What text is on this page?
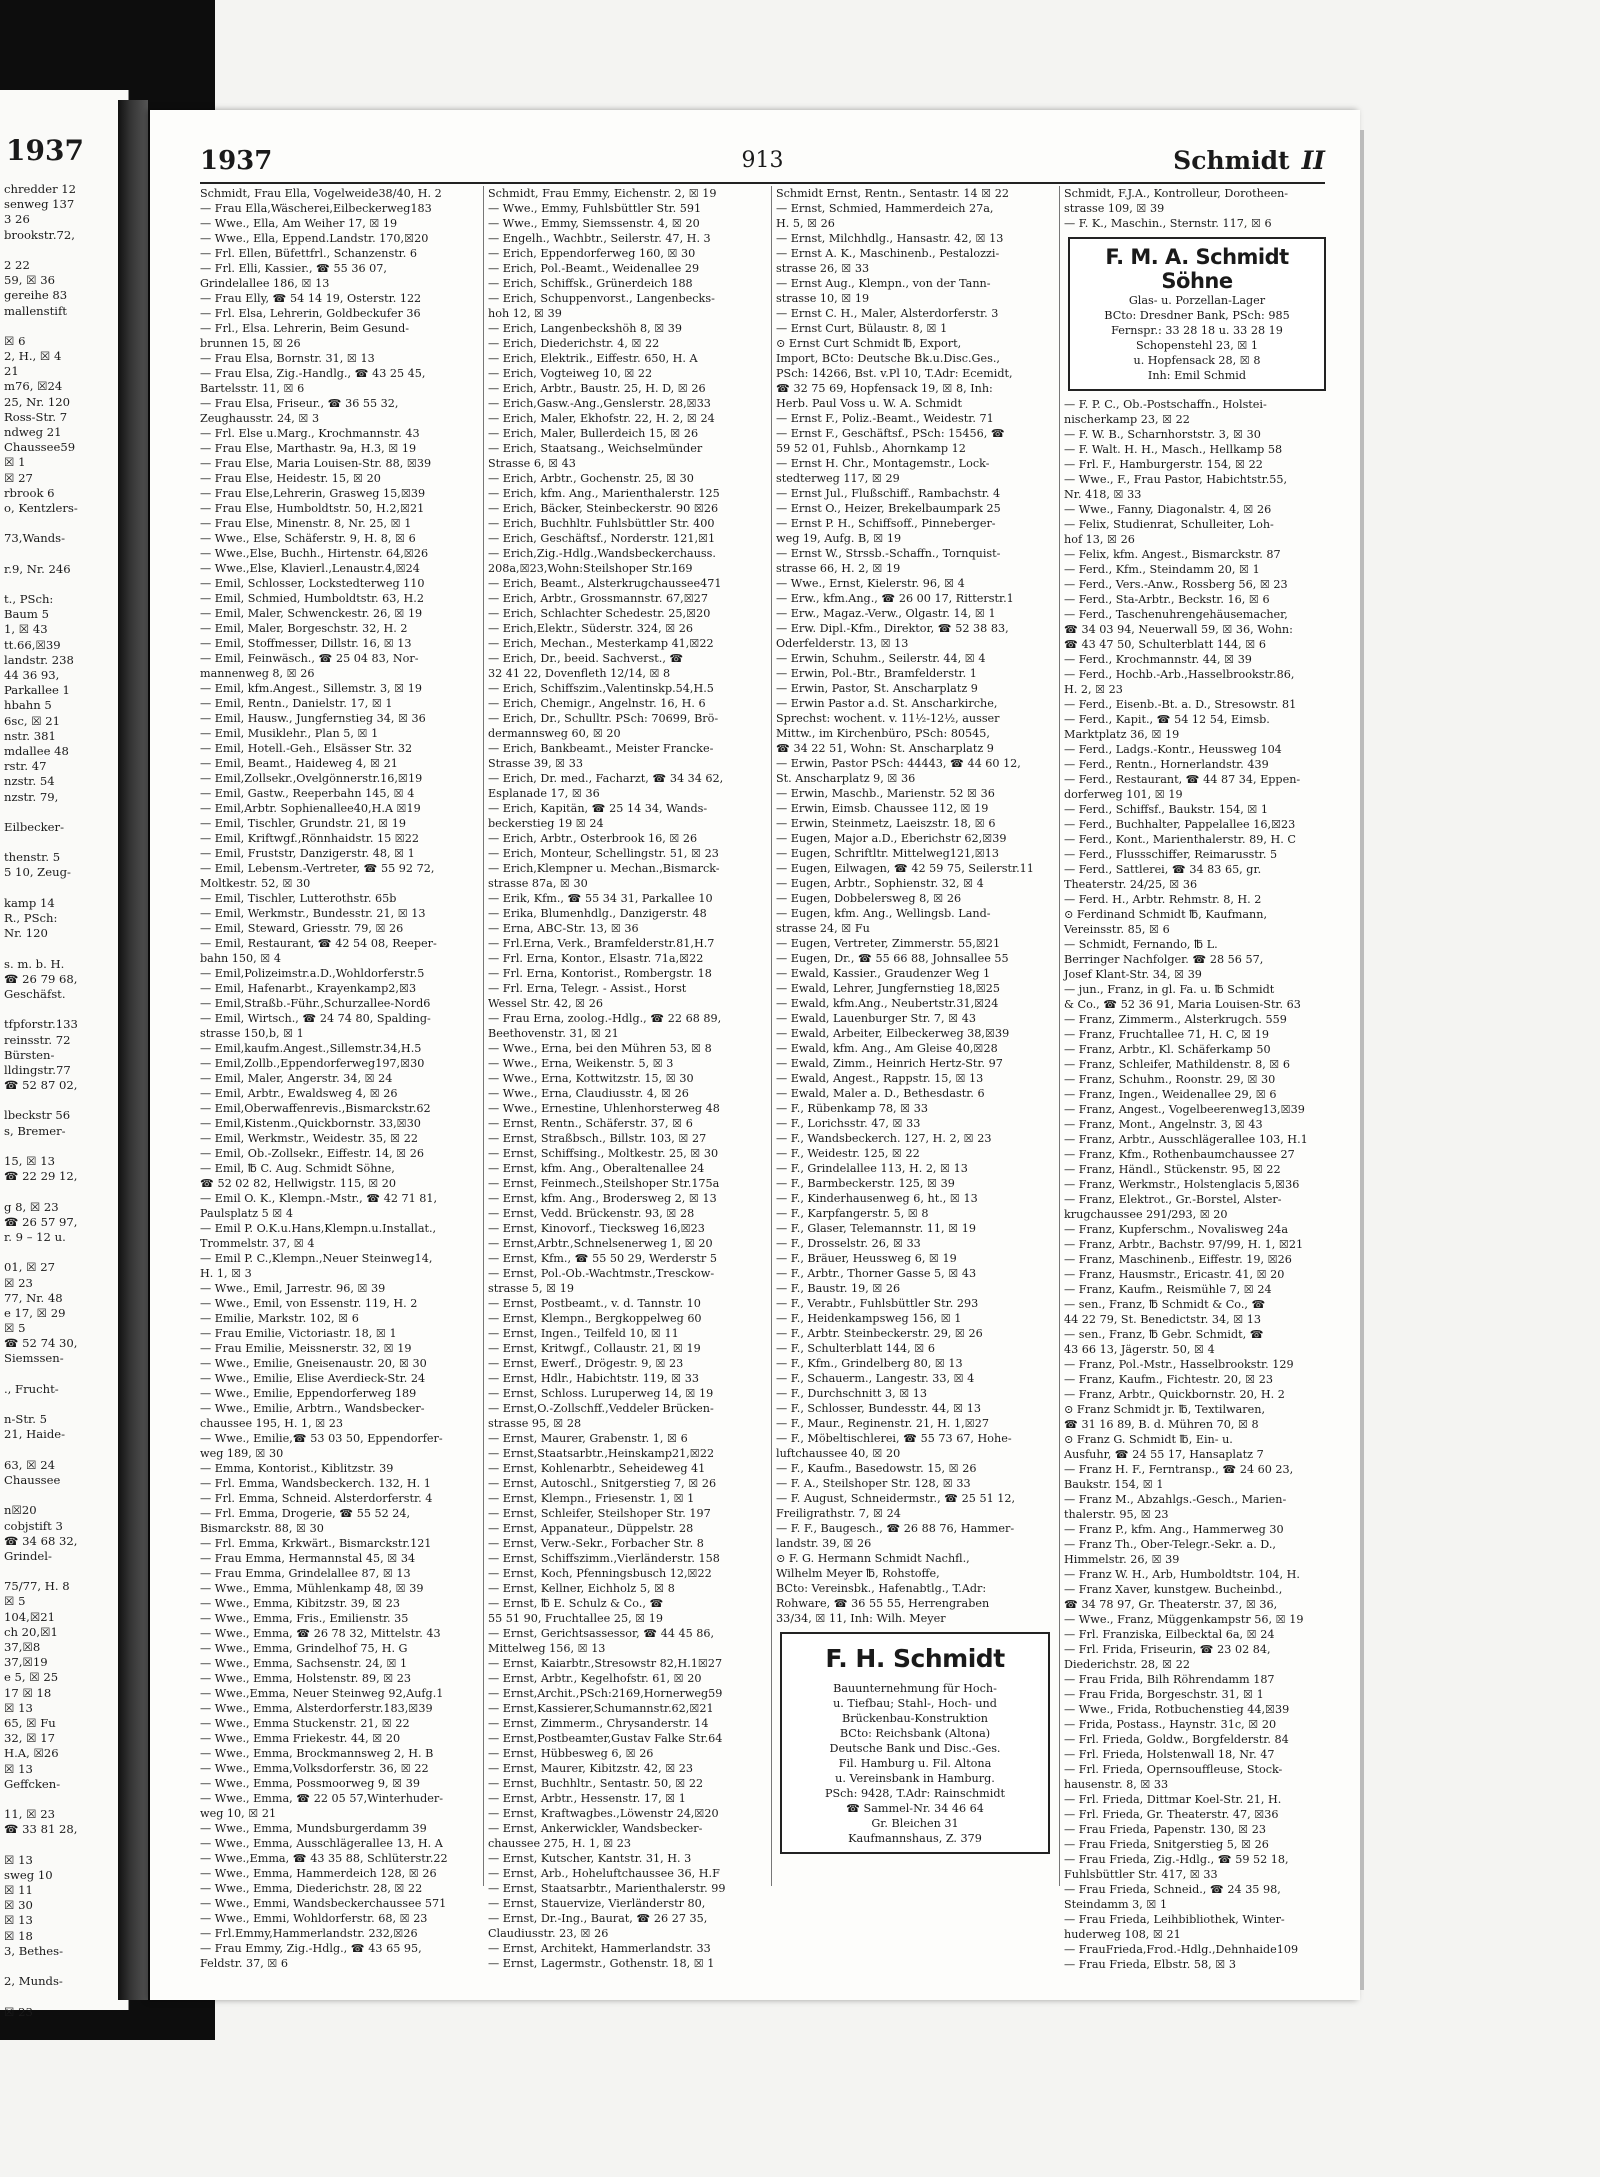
1937
chredder 12
senweg 137
3 26
brookstr.72,
2 22
59, ☒ 36
gereihe 83
mallenstift
☒ 6
2, H., ☒ 4
21
m76, ☒24
25, Nr. 120
Ross-Str. 7
ndweg 21
Chaussee59
☒ 1
☒ 27
rbrook 6
o, Kentzlers-
73,Wands-
r.9, Nr. 246
t., PSch:
Baum 5
1, ☒ 43
tt.66,☒39
landstr. 238
44 36 93,
Parkallee 1
hbahn 5
6sc, ☒ 21
nstr. 381
mdallee 48
rstr. 47
nzstr. 54
nzstr. 79,
Eilbecker-
thenstr. 5
5 10, Zeug-
kamp 14
R., PSch:
Nr. 120
s. m. b. H.
☎ 26 79 68,
Geschäfst.
tfpforstr.133
reinsstr. 72
Bürsten-
lldingstr.77
☎ 52 87 02,
lbeckstr 56
s, Bremer-
15, ☒ 13
☎ 22 29 12,
g 8, ☒ 23
☎ 26 57 97,
r. 9 – 12 u.
01, ☒ 27
☒ 23
77, Nr. 48
e 17, ☒ 29
☒ 5
☎ 52 74 30,
Siemssen-
., Frucht-
n-Str. 5
21, Haide-
63, ☒ 24
Chaussee
n☒20
cobjstift 3
☎ 34 68 32,
Grindel-
75/77, H. 8
☒ 5
104,☒21
ch 20,☒1
37,☒8
37,☒19
e 5, ☒ 25
17 ☒ 18
☒ 13
65, ☒ Fu
32, ☒ 17
H.A, ☒26
☒ 13
Geffcken-
11, ☒ 23
☎ 33 81 28,
☒ 13
sweg 10
☒ 11
☒ 30
☒ 13
☒ 18
3, Bethes-
2, Munds-
☒ 23
1937	913	Schmidt II
Schmidt, Frau Ella, Vogelweide38/40, H. 2
— Frau Ella,Wäscherei,Eilbeckerweg183
— Wwe., Ella, Am Weiher 17, ☒ 19
— Wwe., Ella, Eppend.Landstr. 170,☒20
— Frl. Ellen, Büfettfrl., Schanzenstr. 6
— Frl. Elli, Kassier., ☎ 55 36 07,
Grindelallee 186, ☒ 13
— Frau Elly, ☎ 54 14 19, Osterstr. 122
— Frl. Elsa, Lehrerin, Goldbeckufer 36
— Frl., Elsa. Lehrerin, Beim Gesund-
brunnen 15, ☒ 26
— Frau Elsa, Bornstr. 31, ☒ 13
— Frau Elsa, Zig.-Handlg., ☎ 43 25 45,
Bartelsstr. 11, ☒ 6
— Frau Elsa, Friseur., ☎ 36 55 32,
Zeughausstr. 24, ☒ 3
— Frl. Else u.Marg., Krochmannstr. 43
— Frau Else, Marthastr. 9a, H.3, ☒ 19
— Frau Else, Maria Louisen-Str. 88, ☒39
— Frau Else, Heidestr. 15, ☒ 20
— Frau Else,Lehrerin, Grasweg 15,☒39
— Frau Else, Humboldtstr. 50, H.2,☒21
— Frau Else, Minenstr. 8, Nr. 25, ☒ 1
— Wwe., Else, Schäferstr. 9, H. 8, ☒ 6
— Wwe.,Else, Buchh., Hirtenstr. 64,☒26
— Wwe.,Else, Klavierl.,Lenaustr.4,☒24
— Emil, Schlosser, Lockstedterweg 110
— Emil, Schmied, Humboldtstr. 63, H.2
— Emil, Maler, Schwenckestr. 26, ☒ 19
— Emil, Maler, Borgeschstr. 32, H. 2
— Emil, Stoffmesser, Dillstr. 16, ☒ 13
— Emil, Feinwäsch., ☎ 25 04 83, Nor-
mannenweg 8, ☒ 26
— Emil, kfm.Angest., Sillemstr. 3, ☒ 19
— Emil, Rentn., Danielstr. 17, ☒ 1
— Emil, Hausw., Jungfernstieg 34, ☒ 36
— Emil, Musiklehr., Plan 5, ☒ 1
— Emil, Hotell.-Geh., Elsässer Str. 32
— Emil, Beamt., Haideweg 4, ☒ 21
— Emil,Zollsekr.,Ovelgönnerstr.16,☒19
— Emil, Gastw., Reeperbahn 145, ☒ 4
— Emil,Arbtr. Sophienallee40,H.A ☒19
— Emil, Tischler, Grundstr. 21, ☒ 19
— Emil, Kriftwgf.,Rönnhaidstr. 15 ☒22
— Emil, Fruststr, Danzigerstr. 48, ☒ 1
— Emil, Lebensm.-Vertreter, ☎ 55 92 72,
Moltkestr. 52, ☒ 30
— Emil, Tischler, Lutterothstr. 65b
— Emil, Werkmstr., Bundesstr. 21, ☒ 13
— Emil, Steward, Griesstr. 79, ☒ 26
— Emil, Restaurant, ☎ 42 54 08, Reeper-
bahn 150, ☒ 4
— Emil,Polizeimstr.a.D.,Wohldorferstr.5
— Emil, Hafenarbt., Krayenkamp2,☒3
— Emil,Straßb.-Führ.,Schurzallee-Nord6
— Emil, Wirtsch., ☎ 24 74 80, Spalding-
strasse 150,b, ☒ 1
— Emil,kaufm.Angest.,Sillemstr.34,H.5
— Emil,Zollb.,Eppendorferweg197,☒30
— Emil, Maler, Angerstr. 34, ☒ 24
— Emil, Arbtr., Ewaldsweg 4, ☒ 26
— Emil,Oberwaffenrevis.,Bismarckstr.62
— Emil,Kistenm.,Quickbornstr. 33,☒30
— Emil, Werkmstr., Weidestr. 35, ☒ 22
— Emil, Ob.-Zollsekr., Eiffestr. 14, ☒ 26
— Emil, ℔ C. Aug. Schmidt Söhne,
☎ 52 02 82, Hellwigstr. 115, ☒ 20
— Emil O. K., Klempn.-Mstr., ☎ 42 71 81,
Paulsplatz 5 ☒ 4
— Emil P. O.K.u.Hans,Klempn.u.Installat.,
Trommelstr. 37, ☒ 4
— Emil P. C.,Klempn.,Neuer Steinweg14,
H. 1, ☒ 3
— Wwe., Emil, Jarrestr. 96, ☒ 39
— Wwe., Emil, von Essenstr. 119, H. 2
— Emilie, Markstr. 102, ☒ 6
— Frau Emilie, Victoriastr. 18, ☒ 1
— Frau Emilie, Meissnerstr. 32, ☒ 19
— Wwe., Emilie, Gneisenaustr. 20, ☒ 30
— Wwe., Emilie, Elise Averdieck-Str. 24
— Wwe., Emilie, Eppendorferweg 189
— Wwe., Emilie, Arbtrn., Wandsbecker-
chaussee 195, H. 1, ☒ 23
— Wwe., Emilie,☎ 53 03 50, Eppendorfer-
weg 189, ☒ 30
— Emma, Kontorist., Kiblitzstr. 39
— Frl. Emma, Wandsbeckerch. 132, H. 1
— Frl. Emma, Schneid. Alsterdorferstr. 4
— Frl. Emma, Drogerie, ☎ 55 52 24,
Bismarckstr. 88, ☒ 30
— Frl. Emma, Krkwärt., Bismarckstr.121
— Frau Emma, Hermannstal 45, ☒ 34
— Frau Emma, Grindelallee 87, ☒ 13
— Wwe., Emma, Mühlenkamp 48, ☒ 39
— Wwe., Emma, Kibitzstr. 39, ☒ 23
— Wwe., Emma, Fris., Emilienstr. 35
— Wwe., Emma, ☎ 26 78 32, Mittelstr. 43
— Wwe., Emma, Grindelhof 75, H. G
— Wwe., Emma, Sachsenstr. 24, ☒ 1
— Wwe., Emma, Holstenstr. 89, ☒ 23
— Wwe.,Emma, Neuer Steinweg 92,Aufg.1
— Wwe., Emma, Alsterdorferstr.183,☒39
— Wwe., Emma Stuckenstr. 21, ☒ 22
— Wwe., Emma Friekestr. 44, ☒ 20
— Wwe., Emma, Brockmannsweg 2, H. B
— Wwe., Emma,Volksdorferstr. 36, ☒ 22
— Wwe., Emma, Possmoorweg 9, ☒ 39
— Wwe., Emma, ☎ 22 05 57,Winterhuder-
weg 10, ☒ 21
— Wwe., Emma, Mundsburgerdamm 39
— Wwe., Emma, Ausschlägerallee 13, H. A
— Wwe.,Emma, ☎ 43 35 88, Schlüterstr.22
— Wwe., Emma, Hammerdeich 128, ☒ 26
— Wwe., Emma, Diederichstr. 28, ☒ 22
— Wwe., Emmi, Wandsbeckerchaussee 571
— Wwe., Emmi, Wohldorferstr. 68, ☒ 23
— Frl.Emmy,Hammerlandstr. 232,☒26
— Frau Emmy, Zig.-Hdlg., ☎ 43 65 95,
Feldstr. 37, ☒ 6
Schmidt, Frau Emmy, Eichenstr. 2, ☒ 19
— Wwe., Emmy, Fuhlsbüttler Str. 591
— Wwe., Emmy, Siemssenstr. 4, ☒ 20
— Engelh., Wachbtr., Seilerstr. 47, H. 3
— Erich, Eppendorferweg 160, ☒ 30
— Erich, Pol.-Beamt., Weidenallee 29
— Erich, Schiffsk., Grünerdeich 188
— Erich, Schuppenvorst., Langenbecks-
hoh 12, ☒ 39
— Erich, Langenbeckshöh 8, ☒ 39
— Erich, Diederichstr. 4, ☒ 22
— Erich, Elektrik., Eiffestr. 650, H. A
— Erich, Vogteiweg 10, ☒ 22
— Erich, Arbtr., Baustr. 25, H. D, ☒ 26
— Erich,Gasw.-Ang.,Genslerstr. 28,☒33
— Erich, Maler, Ekhofstr. 22, H. 2, ☒ 24
— Erich, Maler, Bullerdeich 15, ☒ 26
— Erich, Staatsang., Weichselmünder
Strasse 6, ☒ 43
— Erich, Arbtr., Gochenstr. 25, ☒ 30
— Erich, kfm. Ang., Marienthalerstr. 125
— Erich, Bäcker, Steinbeckerstr. 90 ☒26
— Erich, Buchhltr. Fuhlsbüttler Str. 400
— Erich, Geschäftsf., Norderstr. 121,☒1
— Erich,Zig.-Hdlg.,Wandsbeckerchauss.
208a,☒23,Wohn:Steilshoper Str.169
— Erich, Beamt., Alsterkrugchaussee471
— Erich, Arbtr., Grossmannstr. 67,☒27
— Erich, Schlachter Schedestr. 25,☒20
— Erich,Elektr., Süderstr. 324, ☒ 26
— Erich, Mechan., Mesterkamp 41,☒22
— Erich, Dr., beeid. Sachverst., ☎
32 41 22, Dovenfleth 12/14, ☒ 8
— Erich, Schiffszim.,Valentinskp.54,H.5
— Erich, Chemigr., Angelnstr. 16, H. 6
— Erich, Dr., Schulltr. PSch: 70699, Brö-
dermannsweg 60, ☒ 20
— Erich, Bankbeamt., Meister Francke-
Strasse 39, ☒ 33
— Erich, Dr. med., Facharzt, ☎ 34 34 62,
Esplanade 17, ☒ 36
— Erich, Kapitän, ☎ 25 14 34, Wands-
beckerstieg 19 ☒ 24
— Erich, Arbtr., Osterbrook 16, ☒ 26
— Erich, Monteur, Schellingstr. 51, ☒ 23
— Erich,Klempner u. Mechan.,Bismarck-
strasse 87a, ☒ 30
— Erik, Kfm., ☎ 55 34 31, Parkallee 10
— Erika, Blumenhdlg., Danzigerstr. 48
— Erna, ABC-Str. 13, ☒ 36
— Frl.Erna, Verk., Bramfelderstr.81,H.7
— Frl. Erna, Kontor., Elsastr. 71a,☒22
— Frl. Erna, Kontorist., Rombergstr. 18
— Frl. Erna, Telegr. - Assist., Horst
Wessel Str. 42, ☒ 26
— Frau Erna, zoolog.-Hdlg., ☎ 22 68 89,
Beethovenstr. 31, ☒ 21
— Wwe., Erna, bei den Mühren 53, ☒ 8
— Wwe., Erna, Weikenstr. 5, ☒ 3
— Wwe., Erna, Kottwitzstr. 15, ☒ 30
— Wwe., Erna, Claudiusstr. 4, ☒ 26
— Wwe., Ernestine, Uhlenhorsterweg 48
— Ernst, Rentn., Schäferstr. 37, ☒ 6
— Ernst, Straßbsch., Billstr. 103, ☒ 27
— Ernst, Schiffsing., Moltkestr. 25, ☒ 30
— Ernst, kfm. Ang., Oberaltenallee 24
— Ernst, Feinmech.,Steilshoper Str.175a
— Ernst, kfm. Ang., Brodersweg 2, ☒ 13
— Ernst, Vedd. Brückenstr. 93, ☒ 28
— Ernst, Kinovorf., Tiecksweg 16,☒23
— Ernst,Arbtr.,Schnelsenerweg 1, ☒ 20
— Ernst, Kfm., ☎ 55 50 29, Werderstr 5
— Ernst, Pol.-Ob.-Wachtmstr.,Tresckow-
strasse 5, ☒ 19
— Ernst, Postbeamt., v. d. Tannstr. 10
— Ernst, Klempn., Bergkoppelweg 60
— Ernst, Ingen., Teilfeld 10, ☒ 11
— Ernst, Kritwgf., Collaustr. 21, ☒ 19
— Ernst, Ewerf., Drögestr. 9, ☒ 23
— Ernst, Hdlr., Habichtstr. 119, ☒ 33
— Ernst, Schloss. Luruperweg 14, ☒ 19
— Ernst,O.-Zollschff.,Veddeler Brücken-
strasse 95, ☒ 28
— Ernst, Maurer, Grabenstr. 1, ☒ 6
— Ernst,Staatsarbtr.,Heinskamp21,☒22
— Ernst, Kohlenarbtr., Seheideweg 41
— Ernst, Autoschl., Snitgerstieg 7, ☒ 26
— Ernst, Klempn., Friesenstr. 1, ☒ 1
— Ernst, Schleifer, Steilshoper Str. 197
— Ernst, Appanateur., Düppelstr. 28
— Ernst, Verw.-Sekr., Forbacher Str. 8
— Ernst, Schiffszimm.,Vierländerstr. 158
— Ernst, Koch, Pfenningsbusch 12,☒22
— Ernst, Kellner, Eichholz 5, ☒ 8
— Ernst, ℔ E. Schulz & Co., ☎
55 51 90, Fruchtallee 25, ☒ 19
— Ernst, Gerichtsassessor, ☎ 44 45 86,
Mittelweg 156, ☒ 13
— Ernst, Kaiarbtr.,Stresowstr 82,H.1☒27
— Ernst, Arbtr., Kegelhofstr. 61, ☒ 20
— Ernst,Archit.,PSch:2169,Hornerweg59
— Ernst,Kassierer,Schumannstr.62,☒21
— Ernst, Zimmerm., Chrysanderstr. 14
— Ernst,Postbeamter,Gustav Falke Str.64
— Ernst, Hübbesweg 6, ☒ 26
— Ernst, Maurer, Kibitzstr. 42, ☒ 23
— Ernst, Buchhltr., Sentastr. 50, ☒ 22
— Ernst, Arbtr., Hessenstr. 17, ☒ 1
— Ernst, Kraftwagbes.,Löwenstr 24,☒20
— Ernst, Ankerwickler, Wandsbecker-
chaussee 275, H. 1, ☒ 23
— Ernst, Kutscher, Kantstr. 31, H. 3
— Ernst, Arb., Hoheluftchaussee 36, H.F
— Ernst, Staatsarbtr., Marienthalerstr. 99
— Ernst, Stauervize, Vierländerstr 80,
— Ernst, Dr.-Ing., Baurat, ☎ 26 27 35,
Claudiusstr. 23, ☒ 26
— Ernst, Architekt, Hammerlandstr. 33
— Ernst, Lagermstr., Gothenstr. 18, ☒ 1
Schmidt Ernst, Rentn., Sentastr. 14 ☒ 22
— Ernst, Schmied, Hammerdeich 27a,
H. 5, ☒ 26
— Ernst, Milchhdlg., Hansastr. 42, ☒ 13
— Ernst A. K., Maschinenb., Pestalozzi-
strasse 26, ☒ 33
— Ernst Aug., Klempn., von der Tann-
strasse 10, ☒ 19
— Ernst C. H., Maler, Alsterdorferstr. 3
— Ernst Curt, Bülaustr. 8, ☒ 1
⊙ Ernst Curt Schmidt ℔, Export,
Import, BCto: Deutsche Bk.u.Disc.Ges.,
PSch: 14266, Bst. v.Pl 10, T.Adr: Ecemidt,
☎ 32 75 69, Hopfensack 19, ☒ 8, Inh:
Herb. Paul Voss u. W. A. Schmidt
— Ernst F., Poliz.-Beamt., Weidestr. 71
— Ernst F., Geschäftsf., PSch: 15456, ☎
59 52 01, Fuhlsb., Ahornkamp 12
— Ernst H. Chr., Montagemstr., Lock-
stedterweg 117, ☒ 29
— Ernst Jul., Flußschiff., Rambachstr. 4
— Ernst O., Heizer, Brekelbaumpark 25
— Ernst P. H., Schiffsoff., Pinneberger-
weg 19, Aufg. B, ☒ 19
— Ernst W., Strssb.-Schaffn., Tornquist-
strasse 66, H. 2, ☒ 19
— Wwe., Ernst, Kielerstr. 96, ☒ 4
— Erw., kfm.Ang., ☎ 26 00 17, Ritterstr.1
— Erw., Magaz.-Verw., Olgastr. 14, ☒ 1
— Erw. Dipl.-Kfm., Direktor, ☎ 52 38 83,
Oderfelderstr. 13, ☒ 13
— Erwin, Schuhm., Seilerstr. 44, ☒ 4
— Erwin, Pol.-Btr., Bramfelderstr. 1
— Erwin, Pastor, St. Anscharplatz 9
— Erwin Pastor a.d. St. Anscharkirche,
Sprechst: wochent. v. 11½-12½, ausser
Mittw., im Kirchenbüro, PSch: 80545,
☎ 34 22 51, Wohn: St. Anscharplatz 9
— Erwin, Pastor PSch: 44443, ☎ 44 60 12,
St. Anscharplatz 9, ☒ 36
— Erwin, Maschb., Marienstr. 52 ☒ 36
— Erwin, Eimsb. Chaussee 112, ☒ 19
— Erwin, Steinmetz, Laeiszstr. 18, ☒ 6
— Eugen, Major a.D., Eberichstr 62,☒39
— Eugen, Schriftltr. Mittelweg121,☒13
— Eugen, Eilwagen, ☎ 42 59 75, Seilerstr.11
— Eugen, Arbtr., Sophienstr. 32, ☒ 4
— Eugen, Dobbelersweg 8, ☒ 26
— Eugen, kfm. Ang., Wellingsb. Land-
strasse 24, ☒ Fu
— Eugen, Vertreter, Zimmerstr. 55,☒21
— Eugen, Dr., ☎ 55 66 88, Johnsallee 55
— Ewald, Kassier., Graudenzer Weg 1
— Ewald, Lehrer, Jungfernstieg 18,☒25
— Ewald, kfm.Ang., Neubertstr.31,☒24
— Ewald, Lauenburger Str. 7, ☒ 43
— Ewald, Arbeiter, Eilbeckerweg 38,☒39
— Ewald, kfm. Ang., Am Gleise 40,☒28
— Ewald, Zimm., Heinrich Hertz-Str. 97
— Ewald, Angest., Rappstr. 15, ☒ 13
— Ewald, Maler a. D., Bethesdastr. 6
— F., Rübenkamp 78, ☒ 33
— F., Lorichsstr. 47, ☒ 33
— F., Wandsbeckerch. 127, H. 2, ☒ 23
— F., Weidestr. 125, ☒ 22
— F., Grindelallee 113, H. 2, ☒ 13
— F., Barmbeckerstr. 125, ☒ 39
— F., Kinderhausenweg 6, ht., ☒ 13
— F., Karpfangerstr. 5, ☒ 8
— F., Glaser, Telemannstr. 11, ☒ 19
— F., Drosselstr. 26, ☒ 33
— F., Bräuer, Heussweg 6, ☒ 19
— F., Arbtr., Thorner Gasse 5, ☒ 43
— F., Baustr. 19, ☒ 26
— F., Verabtr., Fuhlsbüttler Str. 293
— F., Heidenkampsweg 156, ☒ 1
— F., Arbtr. Steinbeckerstr. 29, ☒ 26
— F., Schulterblatt 144, ☒ 6
— F., Kfm., Grindelberg 80, ☒ 13
— F., Schauerm., Langestr. 33, ☒ 4
— F., Durchschnitt 3, ☒ 13
— F., Schlosser, Bundesstr. 44, ☒ 13
— F., Maur., Reginenstr. 21, H. 1,☒27
— F., Möbeltischlerei, ☎ 55 73 67, Hohe-
luftchaussee 40, ☒ 20
— F., Kaufm., Basedowstr. 15, ☒ 26
— F. A., Steilshoper Str. 128, ☒ 33
— F. August, Schneidermstr., ☎ 25 51 12,
Freiligrathstr. 7, ☒ 24
— F. F., Baugesch., ☎ 26 88 76, Hammer-
landstr. 39, ☒ 26
⊙ F. G. Hermann Schmidt Nachfl.,
Wilhelm Meyer ℔, Rohstoffe,
BCto: Vereinsbk., Hafenabtlg., T.Adr:
Rohware, ☎ 36 55 55, Herrengraben
33/34, ☒ 11, Inh: Wilh. Meyer
F. H. Schmidt
Bauunternehmung für Hoch-
u. Tiefbau; Stahl-, Hoch- und
Brückenbau-Konstruktion
BCto: Reichsbank (Altona)
Deutsche Bank und Disc.-Ges.
Fil. Hamburg u. Fil. Altona
u. Vereinsbank in Hamburg.
PSch: 9428, T.Adr: Rainschmidt
☎ Sammel-Nr. 34 46 64
Gr. Bleichen 31
Kaufmannshaus, Z. 379
Schmidt, F.J.A., Kontrolleur, Dorotheen-
strasse 109, ☒ 39
— F. K., Maschin., Sternstr. 117, ☒ 6
F. M. A. Schmidt Söhne
Glas- u. Porzellan-Lager
BCto: Dresdner Bank, PSch: 985
Fernspr.: 33 28 18 u. 33 28 19
Schopenstehl 23, ☒ 1
u. Hopfensack 28, ☒ 8
Inh: Emil Schmid
— F. P. C., Ob.-Postschaffn., Holstei-
nischerkamp 23, ☒ 22
— F. W. B., Scharnhorststr. 3, ☒ 30
— F. Walt. H. H., Masch., Hellkamp 58
— Frl. F., Hamburgerstr. 154, ☒ 22
— Wwe., F., Frau Pastor, Habichtstr.55,
Nr. 418, ☒ 33
— Wwe., Fanny, Diagonalstr. 4, ☒ 26
— Felix, Studienrat, Schulleiter, Loh-
hof 13, ☒ 26
— Felix, kfm. Angest., Bismarckstr. 87
— Ferd., Kfm., Steindamm 20, ☒ 1
— Ferd., Vers.-Anw., Rossberg 56, ☒ 23
— Ferd., Sta-Arbtr., Beckstr. 16, ☒ 6
— Ferd., Taschenuhrengehäusemacher,
☎ 34 03 94, Neuerwall 59, ☒ 36, Wohn:
☎ 43 47 50, Schulterblatt 144, ☒ 6
— Ferd., Krochmannstr. 44, ☒ 39
— Ferd., Hochb.-Arb.,Hasselbrookstr.86,
H. 2, ☒ 23
— Ferd., Eisenb.-Bt. a. D., Stresowstr. 81
— Ferd., Kapit., ☎ 54 12 54, Eimsb.
Marktplatz 36, ☒ 19
— Ferd., Ladgs.-Kontr., Heussweg 104
— Ferd., Rentn., Hornerlandstr. 439
— Ferd., Restaurant, ☎ 44 87 34, Eppen-
dorferweg 101, ☒ 19
— Ferd., Schiffsf., Baukstr. 154, ☒ 1
— Ferd., Buchhalter, Pappelallee 16,☒23
— Ferd., Kont., Marienthalerstr. 89, H. C
— Ferd., Flussschiffer, Reimarusstr. 5
— Ferd., Sattlerei, ☎ 34 83 65, gr.
Theaterstr. 24/25, ☒ 36
— Ferd. H., Arbtr. Rehmstr. 8, H. 2
⊙ Ferdinand Schmidt ℔, Kaufmann,
Vereinsstr. 85, ☒ 6
— Schmidt, Fernando, ℔ L.
Berringer Nachfolger. ☎ 28 56 57,
Josef Klant-Str. 34, ☒ 39
— jun., Franz, in gl. Fa. u. ℔ Schmidt
& Co., ☎ 52 36 91, Maria Louisen-Str. 63
— Franz, Zimmerm., Alsterkrugch. 559
— Franz, Fruchtallee 71, H. C, ☒ 19
— Franz, Arbtr., Kl. Schäferkamp 50
— Franz, Schleifer, Mathildenstr. 8, ☒ 6
— Franz, Schuhm., Roonstr. 29, ☒ 30
— Franz, Ingen., Weidenallee 29, ☒ 6
— Franz, Angest., Vogelbeerenweg13,☒39
— Franz, Mont., Angelnstr. 3, ☒ 43
— Franz, Arbtr., Ausschlägerallee 103, H.1
— Franz, Kfm., Rothenbaumchaussee 27
— Franz, Händl., Stückenstr. 95, ☒ 22
— Franz, Werkmstr., Holstenglacis 5,☒36
— Franz, Elektrot., Gr.-Borstel, Alster-
krugchaussee 291/293, ☒ 20
— Franz, Kupferschm., Novalisweg 24a
— Franz, Arbtr., Bachstr. 97/99, H. 1, ☒21
— Franz, Maschinenb., Eiffestr. 19, ☒26
— Franz, Hausmstr., Ericastr. 41, ☒ 20
— Franz, Kaufm., Reismühle 7, ☒ 24
— sen., Franz, ℔ Schmidt & Co., ☎
44 22 79, St. Benedictstr. 34, ☒ 13
— sen., Franz, ℔ Gebr. Schmidt, ☎
43 66 13, Jägerstr. 50, ☒ 4
— Franz, Pol.-Mstr., Hasselbrookstr. 129
— Franz, Kaufm., Fichtestr. 20, ☒ 23
— Franz, Arbtr., Quickbornstr. 20, H. 2
⊙ Franz Schmidt jr. ℔, Textilwaren,
☎ 31 16 89, B. d. Mühren 70, ☒ 8
⊙ Franz G. Schmidt ℔, Ein- u.
Ausfuhr, ☎ 24 55 17, Hansaplatz 7
— Franz H. F., Ferntransp., ☎ 24 60 23,
Baukstr. 154, ☒ 1
— Franz M., Abzahlgs.-Gesch., Marien-
thalerstr. 95, ☒ 23
— Franz P., kfm. Ang., Hammerweg 30
— Franz Th., Ober-Telegr.-Sekr. a. D.,
Himmelstr. 26, ☒ 39
— Franz W. H., Arb, Humboldtstr. 104, H.
— Franz Xaver, kunstgew. Bucheinbd.,
☎ 34 78 97, Gr. Theaterstr. 37, ☒ 36,
— Wwe., Franz, Müggenkampstr 56, ☒ 19
— Frl. Franziska, Eilbecktal 6a, ☒ 24
— Frl. Frida, Friseurin, ☎ 23 02 84,
Diederichstr. 28, ☒ 22
— Frau Frida, Bilh Röhrendamm 187
— Frau Frida, Borgeschstr. 31, ☒ 1
— Wwe., Frida, Rotbuchenstieg 44,☒39
— Frida, Postass., Haynstr. 31c, ☒ 20
— Frl. Frieda, Goldw., Borgfelderstr. 84
— Frl. Frieda, Holstenwall 18, Nr. 47
— Frl. Frieda, Opernsouffleuse, Stock-
hausenstr. 8, ☒ 33
— Frl. Frieda, Dittmar Koel-Str. 21, H.
— Frl. Frieda, Gr. Theaterstr. 47, ☒36
— Frau Frieda, Papenstr. 130, ☒ 23
— Frau Frieda, Snitgerstieg 5, ☒ 26
— Frau Frieda, Zig.-Hdlg., ☎ 59 52 18,
Fuhlsbüttler Str. 417, ☒ 33
— Frau Frieda, Schneid., ☎ 24 35 98,
Steindamm 3, ☒ 1
— Frau Frieda, Leihbibliothek, Winter-
huderweg 108, ☒ 21
— FrauFrieda,Frod.-Hdlg.,Dehnhaide109
— Frau Frieda, Elbstr. 58, ☒ 3
